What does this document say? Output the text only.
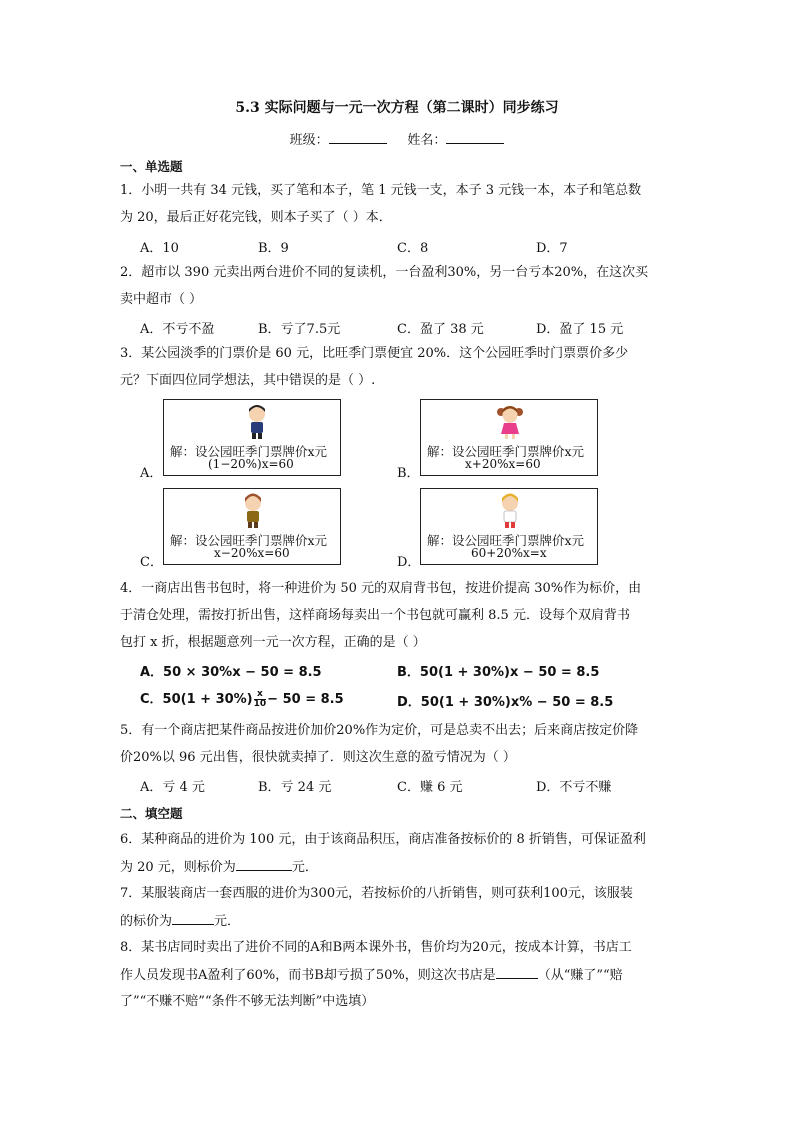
5.3 实际问题与一元一次方程（第二课时）同步练习
班级：	姓名：
一、单选题
1．小明一共有 34 元钱，买了笔和本子，笔 1 元钱一支，本子 3 元钱一本，本子和笔总数
为 20，最后正好花完钱，则本子买了（ ）本．
A．10	B．9	C．8	D．7
2．超市以 390 元卖出两台进价不同的复读机，一台盈利30%，另一台亏本20%，在这次买
卖中超市（ ）
A．不亏不盈	B．亏了7.5元	C．盈了 38 元	D．盈了 15 元
3．某公园淡季的门票价是 60 元，比旺季门票便宜 20%．这个公园旺季时门票票价多少
元？下面四位同学想法，其中错误的是（ ）.
A．
解：设公园旺季门票牌价x元
(1−20%)x=60
B．
解：设公园旺季门票牌价x元
x+20%x=60
C．
解：设公园旺季门票牌价x元
x−20%x=60
D．
解：设公园旺季门票牌价x元
60+20%x=x
4．一商店出售书包时，将一种进价为 50 元的双肩背书包，按进价提高 30%作为标价，由
于清仓处理，需按打折出售，这样商场每卖出一个书包就可赢利 8.5 元．设每个双肩背书
包打 x 折，根据题意列一元一次方程，正确的是（ ）
A．50 × 30%x − 50 = 8.5	B．50(1 + 30%)x − 50 = 8.5
C．$50(1 + 30\%) \frac{x}{10} - 50 = 8.5$	D．50(1 + 30%)x% − 50 = 8.5
5．有一个商店把某件商品按进价加价20%作为定价，可是总卖不出去；后来商店按定价降
价20%以 96 元出售，很快就卖掉了．则这次生意的盈亏情况为（ ）
A．亏 4 元	B．亏 24 元	C．赚 6 元	D．不亏不赚
二、填空题
6．某种商品的进价为 100 元，由于该商品积压，商店准备按标价的 8 折销售，可保证盈利
为 20 元，则标价为	元．
7．某服装商店一套西服的进价为300元，若按标价的八折销售，则可获利100元，该服装
的标价为	元．
8．某书店同时卖出了进价不同的A和B两本课外书，售价均为20元，按成本计算，书店工
作人员发现书A盈利了60%，而书B却亏损了50%，则这次书店是	（从“赚了”“赔
了”“不赚不赔”“条件不够无法判断”中选填）
